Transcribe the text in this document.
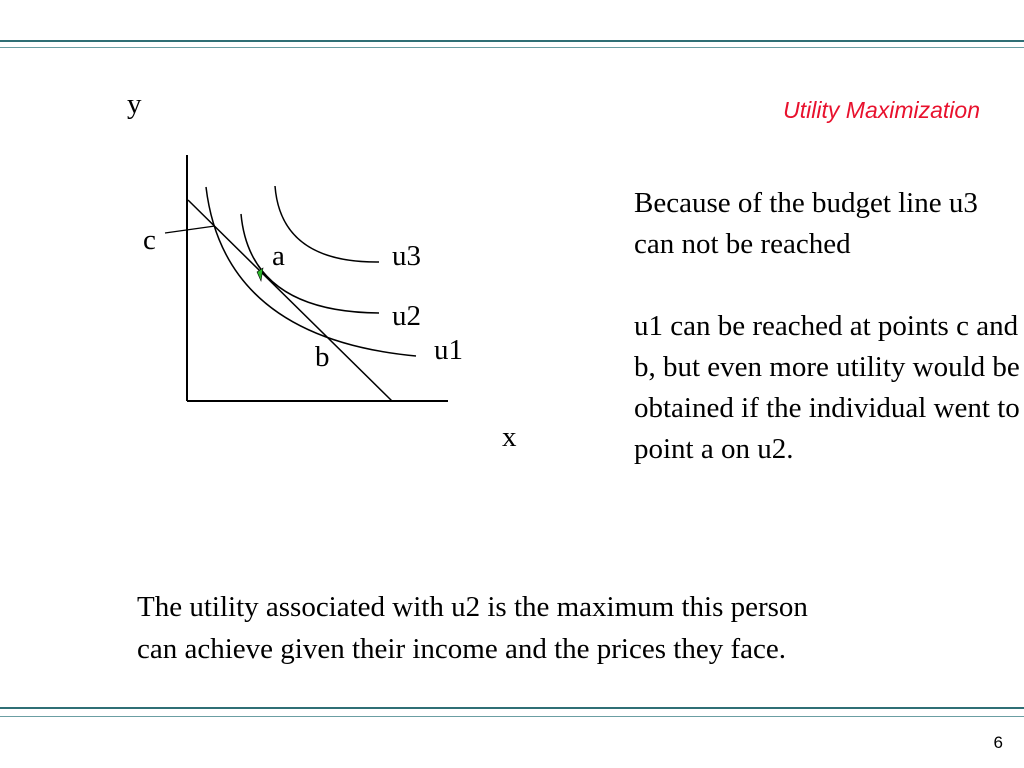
Utility Maximization
y
x
c	a
b
u3
u2
u1

Because of the budget line u3 can not be reached

u1 can be reached at points c and b, but even more utility would be obtained if the individual went to point a on u2.

The utility associated with u2 is the maximum this person

can achieve given their income and the prices they face.

6
